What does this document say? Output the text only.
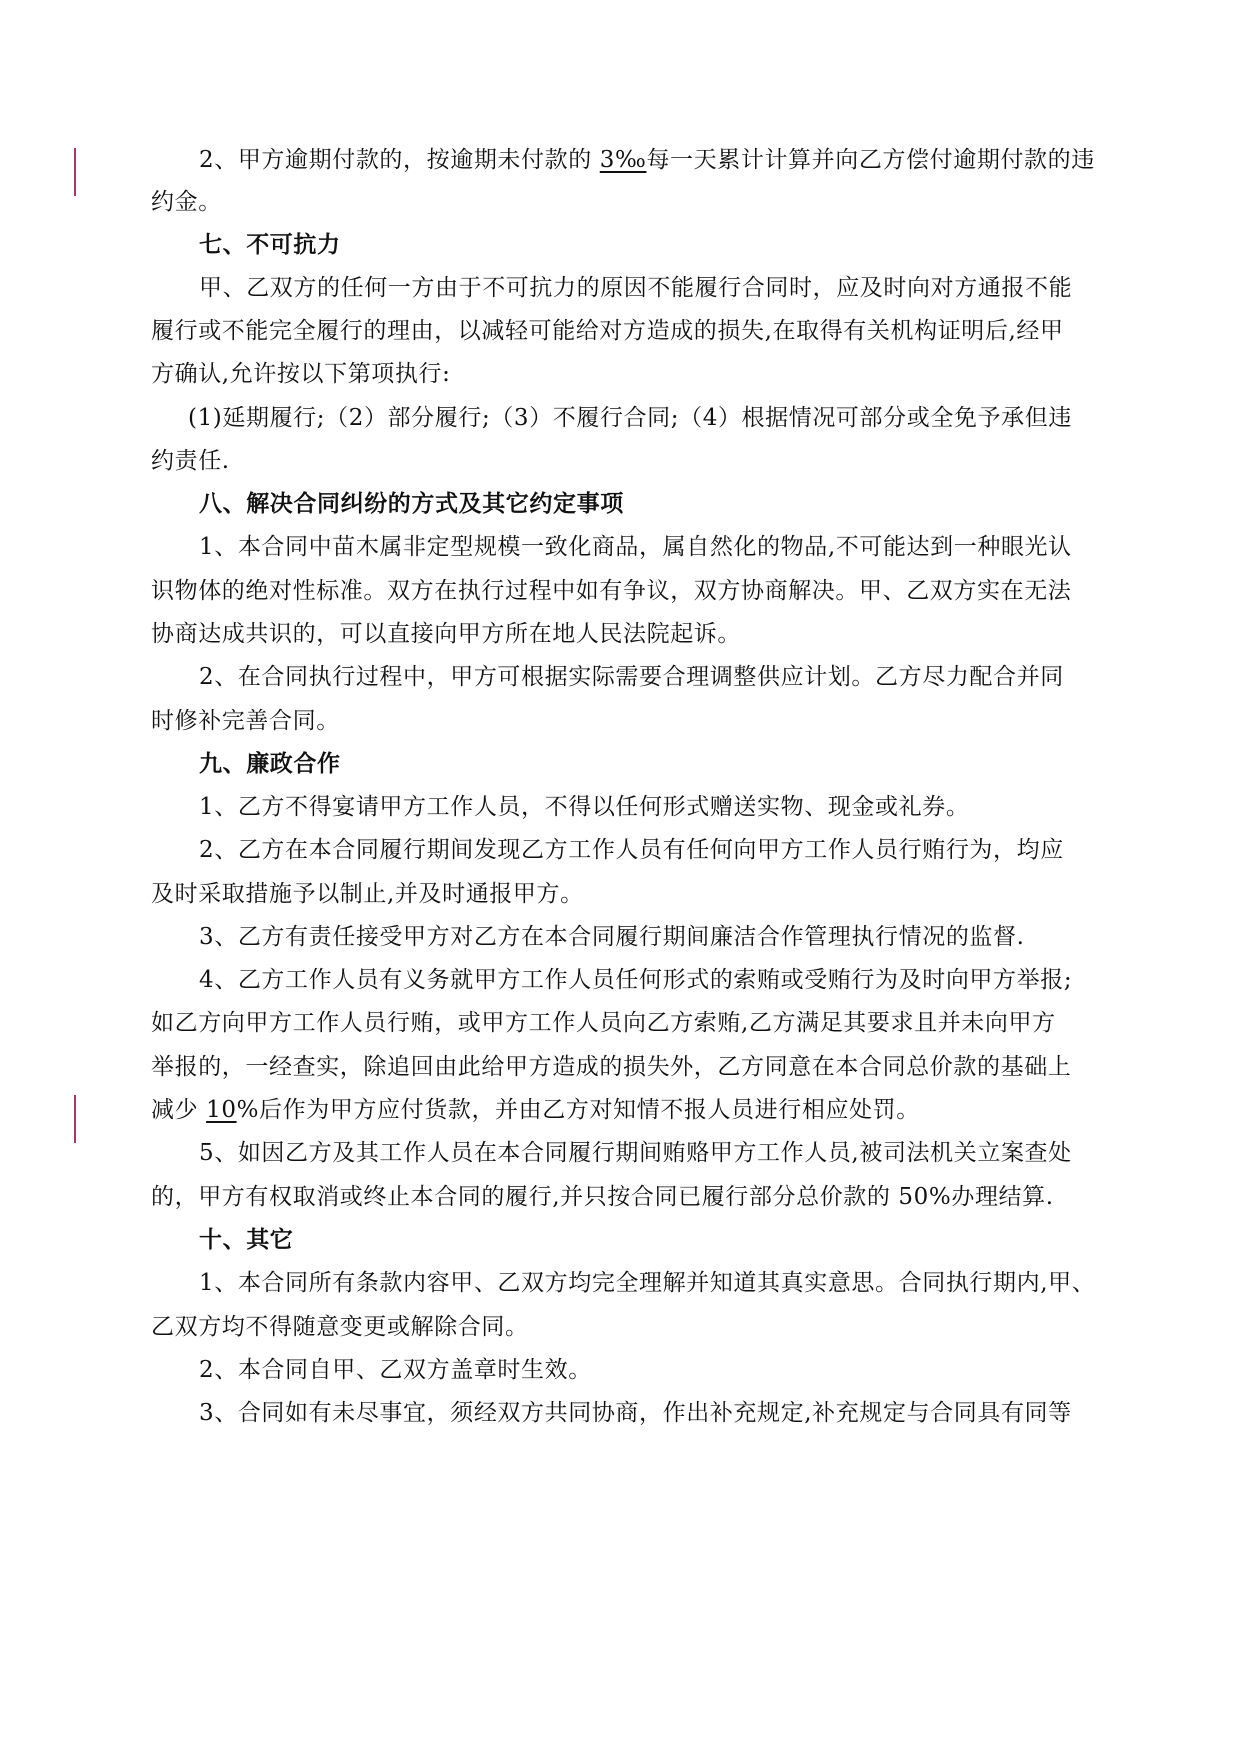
2、甲方逾期付款的，按逾期未付款的 3‰每一天累计计算并向乙方偿付逾期付款的违
约金。
七、不可抗力
甲、乙双方的任何一方由于不可抗力的原因不能履行合同时，应及时向对方通报不能
履行或不能完全履行的理由，以减轻可能给对方造成的损失,在取得有关机构证明后,经甲
方确认,允许按以下第项执行:
(1)延期履行;（2）部分履行;（3）不履行合同;（4）根据情况可部分或全免予承但违
约责任.
八、解决合同纠纷的方式及其它约定事项
1、本合同中苗木属非定型规模一致化商品，属自然化的物品,不可能达到一种眼光认
识物体的绝对性标准。双方在执行过程中如有争议，双方协商解决。甲、乙双方实在无法
协商达成共识的，可以直接向甲方所在地人民法院起诉。
2、在合同执行过程中，甲方可根据实际需要合理调整供应计划。乙方尽力配合并同
时修补完善合同。
九、廉政合作
1、乙方不得宴请甲方工作人员，不得以任何形式赠送实物、现金或礼券。
2、乙方在本合同履行期间发现乙方工作人员有任何向甲方工作人员行贿行为，均应
及时采取措施予以制止,并及时通报甲方。
3、乙方有责任接受甲方对乙方在本合同履行期间廉洁合作管理执行情况的监督.
4、乙方工作人员有义务就甲方工作人员任何形式的索贿或受贿行为及时向甲方举报;
如乙方向甲方工作人员行贿，或甲方工作人员向乙方索贿,乙方满足其要求且并未向甲方
举报的，一经查实，除追回由此给甲方造成的损失外，乙方同意在本合同总价款的基础上
减少 10%后作为甲方应付货款，并由乙方对知情不报人员进行相应处罚。
5、如因乙方及其工作人员在本合同履行期间贿赂甲方工作人员,被司法机关立案查处
的，甲方有权取消或终止本合同的履行,并只按合同已履行部分总价款的 50%办理结算.
十、其它
1、本合同所有条款内容甲、乙双方均完全理解并知道其真实意思。合同执行期内,甲、
乙双方均不得随意变更或解除合同。
2、本合同自甲、乙双方盖章时生效。
3、合同如有未尽事宜，须经双方共同协商，作出补充规定,补充规定与合同具有同等
